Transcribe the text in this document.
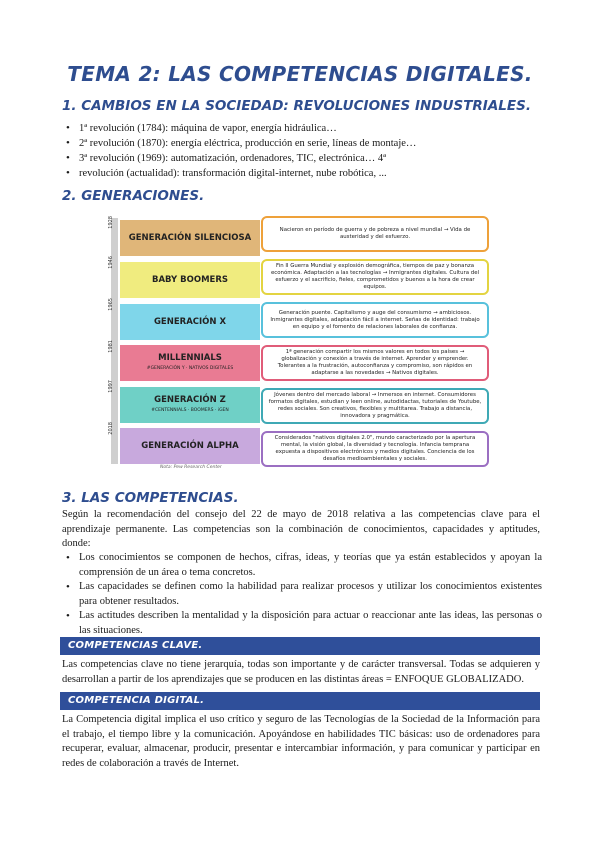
TEMA 2: LAS COMPETENCIAS DIGITALES.
1. CAMBIOS EN LA SOCIEDAD: REVOLUCIONES INDUSTRIALES.
• 1ª revolución (1784): máquina de vapor, energía hidráulica…
• 2ª revolución (1870): energía eléctrica, producción en serie, líneas de montaje…
• 3ª revolución (1969): automatización, ordenadores, TIC, electrónica… 4ª
• revolución (actualidad): transformación digital-internet, nube robótica, ...
2. GENERACIONES.
1928
1946
1965
1981
1997
2018
GENERACIÓN SILENCIOSA
BABY BOOMERS
GENERACIÓN X
MILLENNIALS
#GENERACIÓN Y · NATIVOS DIGITALES
GENERACIÓN Z
#CENTENNIALS · BOOMERS · iGEN
GENERACIÓN ALPHA
Nacieron en período de guerra y de pobreza a nivel mundial → Vida de austeridad y del esfuerzo.
Fin II Guerra Mundial y explosión demográfica, tiempos de paz y bonanza económica. Adaptación a las tecnologías → Inmigrantes digitales. Cultura del esfuerzo y el sacrificio, fieles, comprometidos y buenos a la hora de crear equipos.
Generación puente. Capitalismo y auge del consumismo → ambiciosos. Inmigrantes digitales, adaptación fácil a internet. Señas de identidad: trabajo en equipo y el fomento de relaciones laborales de confianza.
1ª generación compartir los mismos valores en todos los países → globalización y conexión a través de internet. Aprender y emprender. Tolerantes a la frustración, autoconfianza y compromiso, son rápidos en adaptarse a las novedades → Nativos digitales.
Jóvenes dentro del mercado laboral → Inmersos en internet. Consumidores formatos digitales, estudian y leen online, autodidactas, tutoriales de Youtube, redes sociales. Son creativos, flexibles y multitarea. Trabajo a distancia, innovadora y pragmática.
Considerados "nativos digitales 2.0", mundo caracterizado por la apertura mental, la visión global, la diversidad y tecnología. Infancia temprana expuesta a dispositivos electrónicos y medios digitales. Conciencia de los desafíos medioambientales y sociales.
Nota: Pew Research Center
3. LAS COMPETENCIAS.
Según la recomendación del consejo del 22 de mayo de 2018 relativa a las competencias clave para el aprendizaje permanente. Las competencias son la combinación de conocimientos, capacidades y aptitudes, donde:
• Los conocimientos se componen de hechos, cifras, ideas, y teorías que ya están establecidos y apoyan la comprensión de un área o tema concretos.
• Las capacidades se definen como la habilidad para realizar procesos y utilizar los conocimientos existentes para obtener resultados.
• Las actitudes describen la mentalidad y la disposición para actuar o reaccionar ante las ideas, las personas o las situaciones.
COMPETENCIAS CLAVE.
Las competencias clave no tiene jerarquía, todas son importante y de carácter transversal. Todas se adquieren y desarrollan a partir de los aprendizajes que se producen en las distintas áreas = ENFOQUE GLOBALIZADO.
COMPETENCIA DIGITAL.
La Competencia digital implica el uso crítico y seguro de las Tecnologías de la Sociedad de la Información para el trabajo, el tiempo libre y la comunicación. Apoyándose en habilidades TIC básicas: uso de ordenadores para recuperar, evaluar, almacenar, producir, presentar e intercambiar información, y para comunicar y participar en redes de colaboración a través de Internet.
